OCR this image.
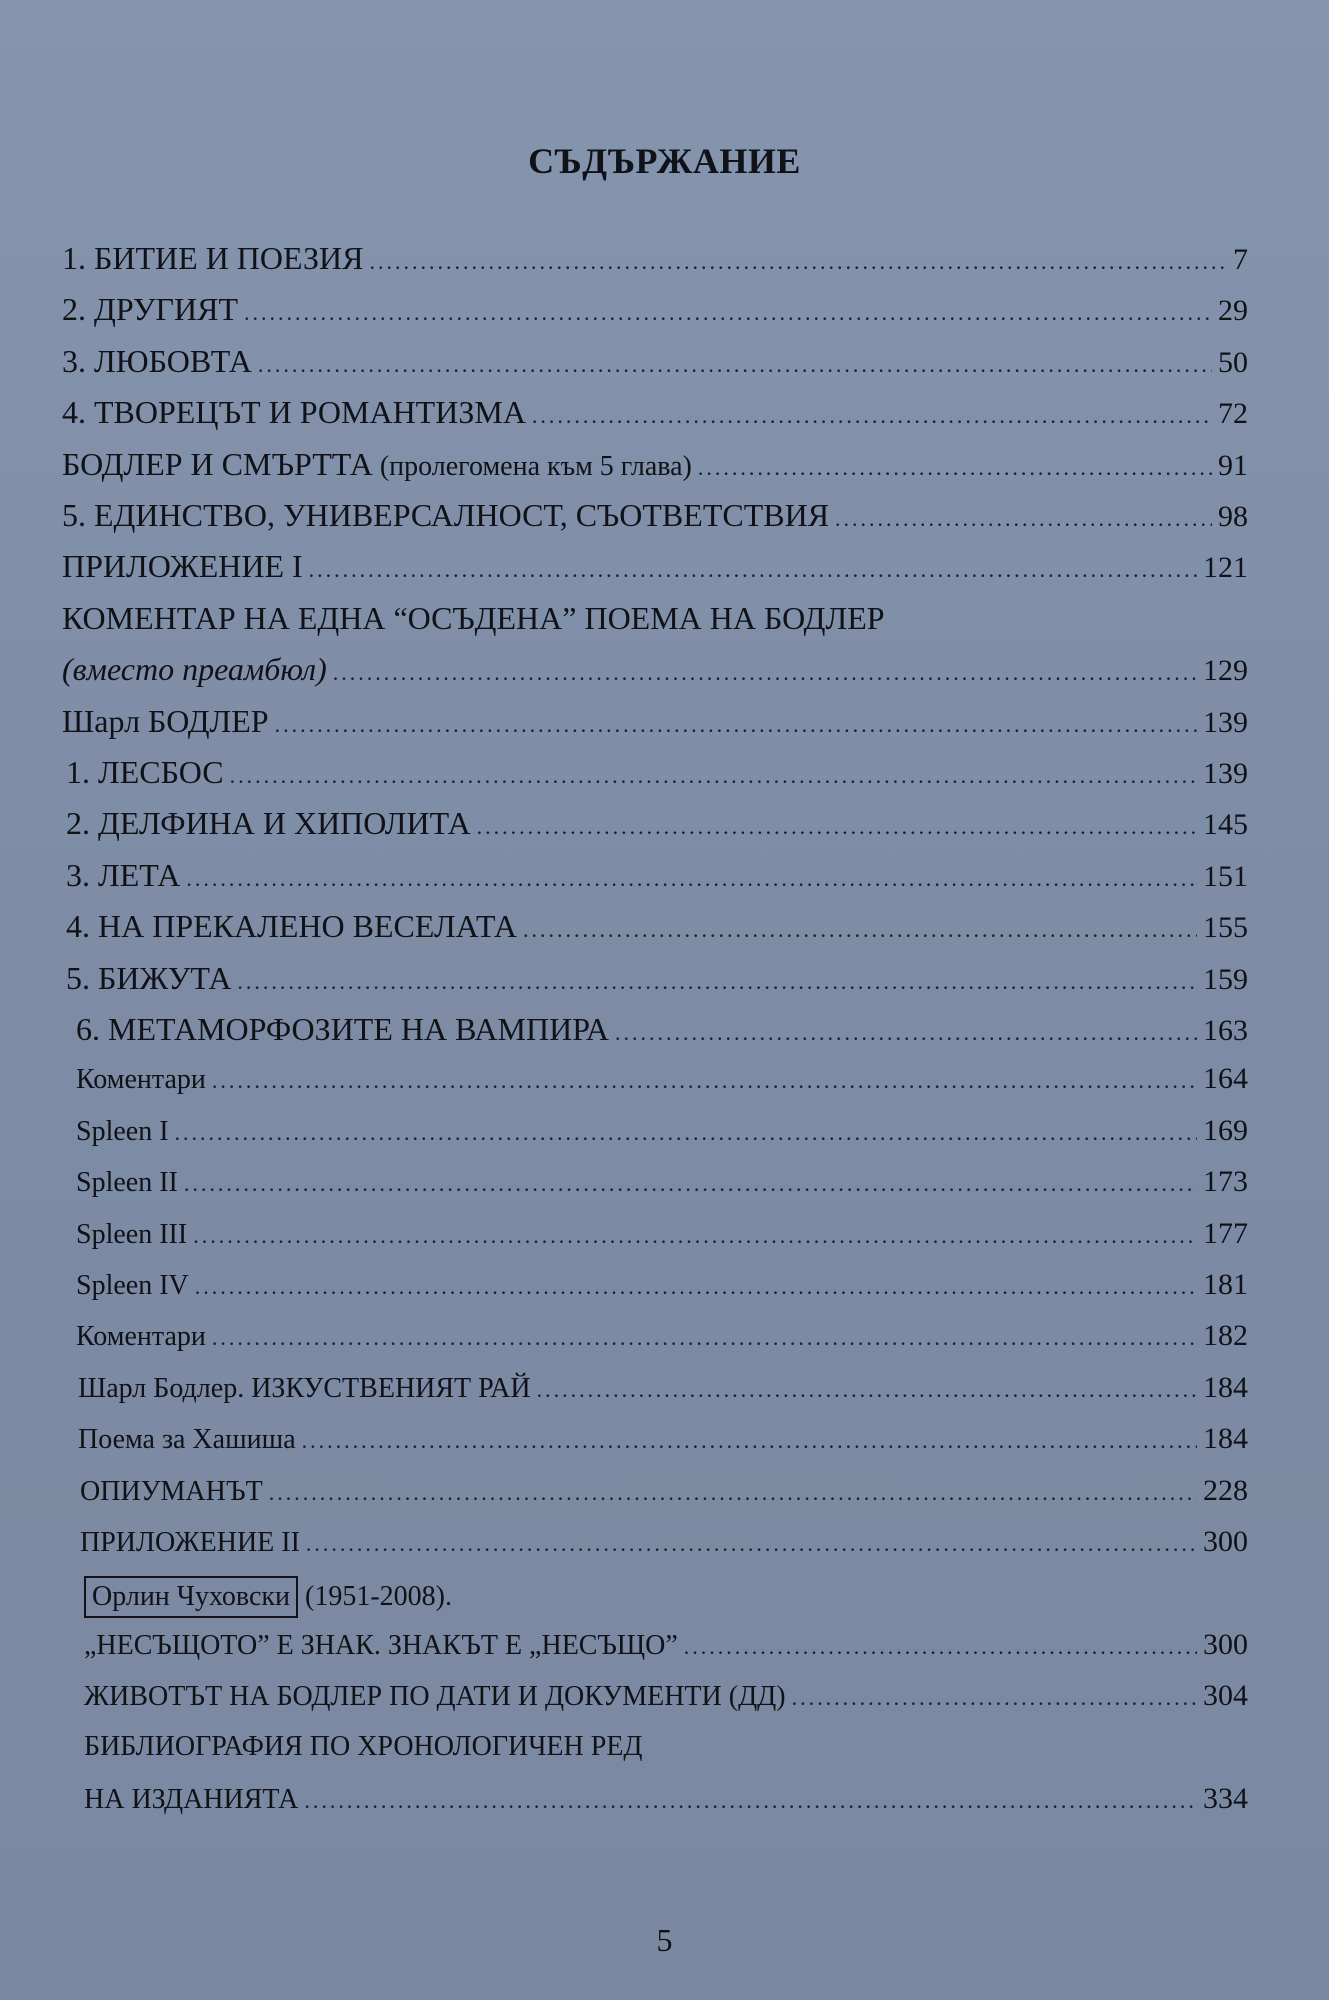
СЪДЪРЖАНИЕ
1. БИТИЕ И ПОЕЗИЯ .....	7
2. ДРУГИЯТ .....	29
3. ЛЮБОВТА .....	50
4. ТВОРЕЦЪТ И РОМАНТИЗМА .....	72
БОДЛЕР И СМЪРТТА (пролегомена към 5 глава) .....	91
5. ЕДИНСТВО, УНИВЕРСАЛНОСТ, СЪОТВЕТСТВИЯ .....	98
ПРИЛОЖЕНИЕ I .....	121
КОМЕНТАР НА ЕДНА “ОСЪДЕНА” ПОЕМА НА БОДЛЕР
(вместо преамбюл) .....	129
Шарл БОДЛЕР .....	139
1. ЛЕСБОС .....	139
2. ДЕЛФИНА И ХИПОЛИТА .....	145
3. ЛЕТА .....	151
4. НА ПРЕКАЛЕНО ВЕСЕЛАТА .....	155
5. БИЖУТА .....	159
6. МЕТАМОРФОЗИТЕ НА ВАМПИРА .....	163
Коментари .....	164
Spleen I .....	169
Spleen II .....	173
Spleen III .....	177
Spleen IV .....	181
Коментари .....	182
Шарл Бодлер. ИЗКУСТВЕНИЯТ РАЙ .....	184
Поема за Хашиша .....	184
ОПИУМАНЪТ .....	228
ПРИЛОЖЕНИЕ II .....	300
Орлин Чуховски (1951-2008).
„НЕСЪЩОТО” Е ЗНАК. ЗНАКЪТ Е „НЕСЪЩО” .....	300
ЖИВОТЪТ НА БОДЛЕР ПО ДАТИ И ДОКУМЕНТИ (ДД) .....	304
БИБЛИОГРАФИЯ ПО ХРОНОЛОГИЧЕН РЕД
НА ИЗДАНИЯТА .....	334
5
